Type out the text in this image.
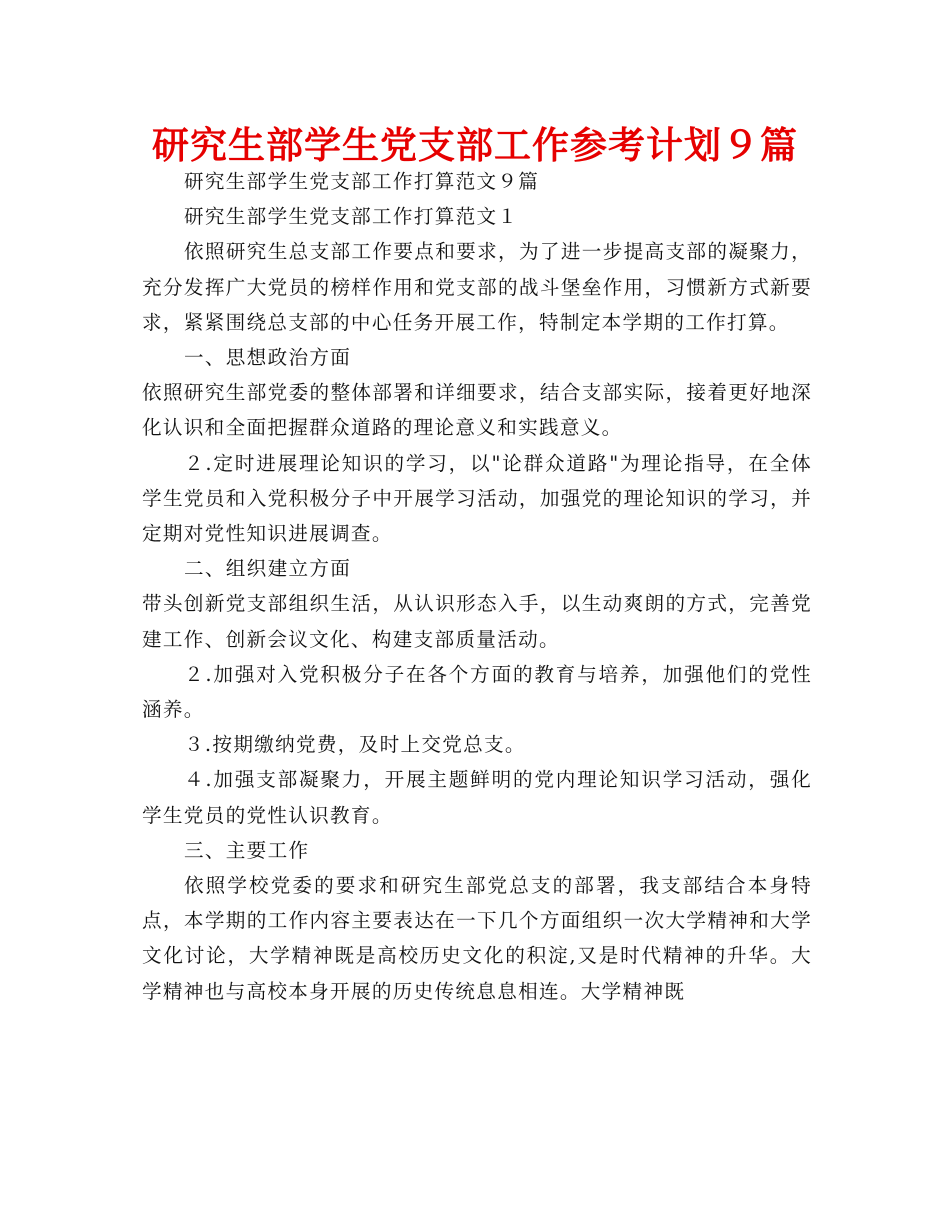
研究生部学生党支部工作参考计划９篇

研究生部学生党支部工作打算范文９篇

研究生部学生党支部工作打算范文１

依照研究生总支部工作要点和要求，为了进一步提高支部的凝聚力，充分发挥广大党员的榜样作用和党支部的战斗堡垒作用，习惯新方式新要求，紧紧围绕总支部的中心任务开展工作，特制定本学期的工作打算。

一、思想政治方面

依照研究生部党委的整体部署和详细要求，结合支部实际，接着更好地深化认识和全面把握群众道路的理论意义和实践意义。

２.定时进展理论知识的学习，以"论群众道路"为理论指导，在全体学生党员和入党积极分子中开展学习活动，加强党的理论知识的学习，并定期对党性知识进展调查。

二、组织建立方面

带头创新党支部组织生活，从认识形态入手，以生动爽朗的方式，完善党建工作、创新会议文化、构建支部质量活动。

２.加强对入党积极分子在各个方面的教育与培养，加强他们的党性涵养。

３.按期缴纳党费，及时上交党总支。

４.加强支部凝聚力，开展主题鲜明的党内理论知识学习活动，强化学生党员的党性认识教育。

三、主要工作

依照学校党委的要求和研究生部党总支的部署，我支部结合本身特点，本学期的工作内容主要表达在一下几个方面组织一次大学精神和大学文化讨论，大学精神既是高校历史文化的积淀,又是时代精神的升华。大学精神也与高校本身开展的历史传统息息相连。大学精神既
